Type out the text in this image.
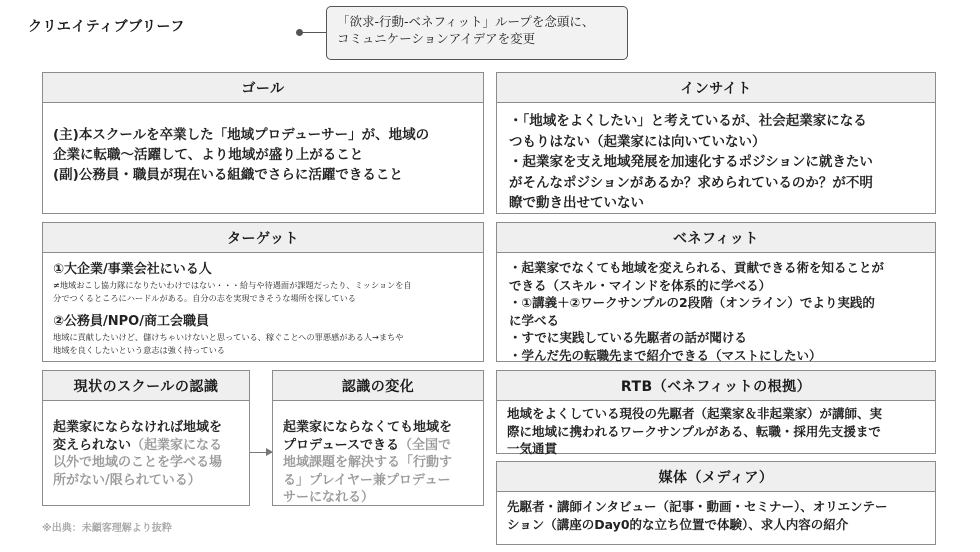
クリエイティブブリーフ	「欲求-行動-ベネフィット」ループを念頭に、
コミュニケーションアイデアを変更
ゴール
(主)本スクールを卒業した「地域プロデューサー」が、地域の
企業に転職〜活躍して、より地域が盛り上がること
(副)公務員・職員が現在いる組織でさらに活躍できること
インサイト
・「地域をよくしたい」と考えているが、社会起業家になる
つもりはない（起業家には向いていない）
・起業家を支え地域発展を加速化するポジションに就きたい
がそんなポジションがあるか？求められているのか？が不明
瞭で動き出せていない
ターゲット
①大企業/事業会社にいる人
≠地域おこし協力隊になりたいわけではない・・・給与や待遇面が課題だったり、ミッションを自
分でつくるところにハードルがある。自分の志を実現できそうな場所を探している
②公務員/NPO/商工会職員
地域に貢献したいけど、儲けちゃいけないと思っている、稼ぐことへの罪悪感がある人→まちや
地域を良くしたいという意志は強く持っている
ベネフィット
・起業家でなくても地域を変えられる、貢献できる術を知ることが
できる（スキル・マインドを体系的に学べる）
・①講義＋②ワークサンプルの2段階（オンライン）でより実践的
に学べる
・すでに実践している先駆者の話が聞ける
・学んだ先の転職先まで紹介できる（マストにしたい）
現状のスクールの認識
起業家にならなければ地域を
変えられない（起業家になる
以外で地域のことを学べる場
所がない/限られている）
認識の変化
起業家にならなくても地域を
プロデュースできる（全国で
地域課題を解決する「行動す
る」プレイヤー兼プロデュー
サーになれる）
RTB（ベネフィットの根拠）
地域をよくしている現役の先駆者（起業家＆非起業家）が講師、実
際に地域に携われるワークサンプルがある、転職・採用先支援まで
一気通貫
媒体（メディア）
先駆者・講師インタビュー（記事・動画・セミナー）、オリエンテー
ション（講座のDay0的な立ち位置で体験）、求人内容の紹介
※出典：未顧客理解より抜粋
